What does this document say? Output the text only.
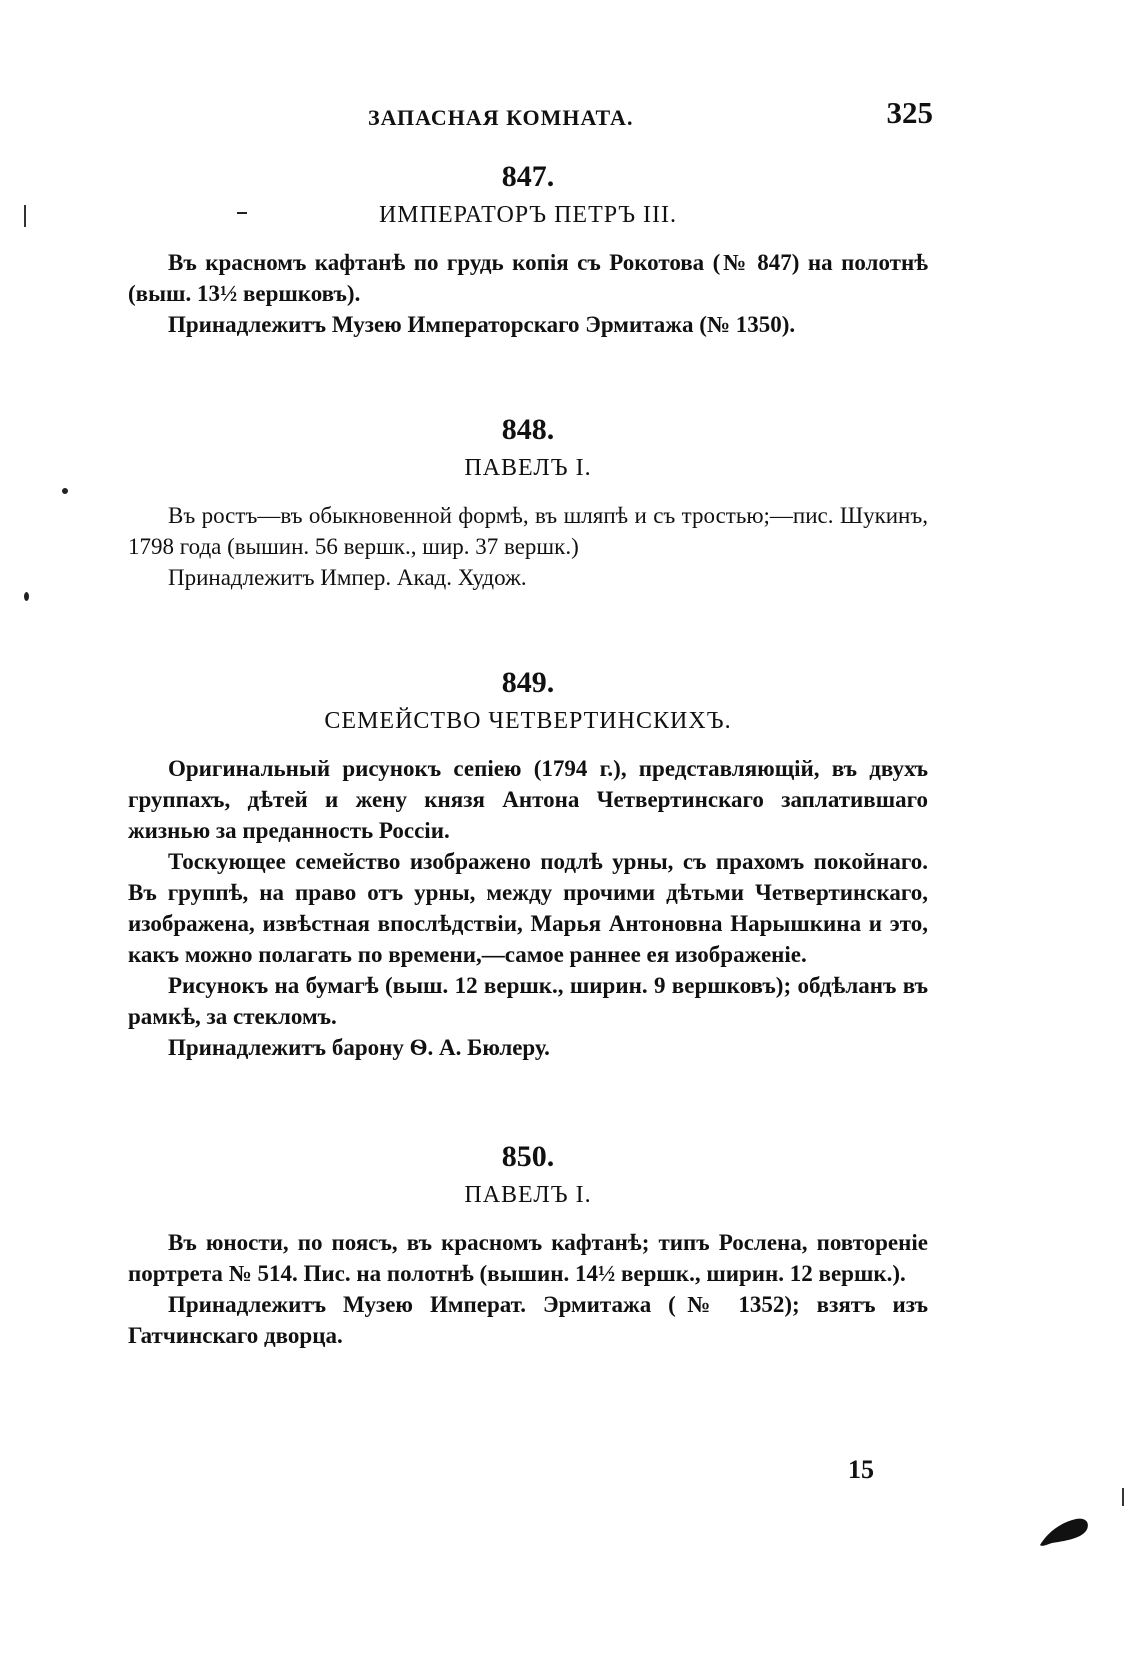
ЗАПАСНАЯ КОМНАТА.	325

847.

ИМПЕРАТОРЪ ПЕТРЪ III.

Въ красномъ кафтанѣ по грудь копія съ Рокотова (№ 847) на полотнѣ (выш. 13½ вершковъ).

Принадлежитъ Музею Императорскаго Эрмитажа (№ 1350).

848.

ПАВЕЛЪ I.

Въ ростъ—въ обыкновенной формѣ, въ шляпѣ и съ тростью;—пис. Шукинъ, 1798 года (вышин. 56 вершк., шир. 37 вершк.)

Принадлежитъ Импер. Акад. Худож.

849.

СЕМЕЙСТВО ЧЕТВЕРТИНСКИХЪ.

Оригинальный рисунокъ сепіею (1794 г.), представляющій, въ двухъ группахъ, дѣтей и жену князя Антона Четвертинскаго заплатившаго жизнью за преданность Россіи.

Тоскующее семейство изображено подлѣ урны, съ прахомъ покойнаго. Въ группѣ, на право отъ урны, между прочими дѣтьми Четвертинскаго, изображена, извѣстная впослѣдствіи, Марья Антоновна Нарышкина и это, какъ можно полагать по времени,—самое раннее ея изображеніе.

Рисунокъ на бумагѣ (выш. 12 вершк., ширин. 9 вершковъ); обдѣланъ въ рамкѣ, за стекломъ.

Принадлежитъ барону Ѳ. А. Бюлеру.

850.

ПАВЕЛЪ I.

Въ юности, по поясъ, въ красномъ кафтанѣ; типъ Рослена, повтореніе портрета № 514. Пис. на полотнѣ (вышин. 14½ вершк., ширин. 12 вершк.).

Принадлежитъ Музею Императ. Эрмитажа (№ 1352); взятъ изъ Гатчинскаго дворца.

15
